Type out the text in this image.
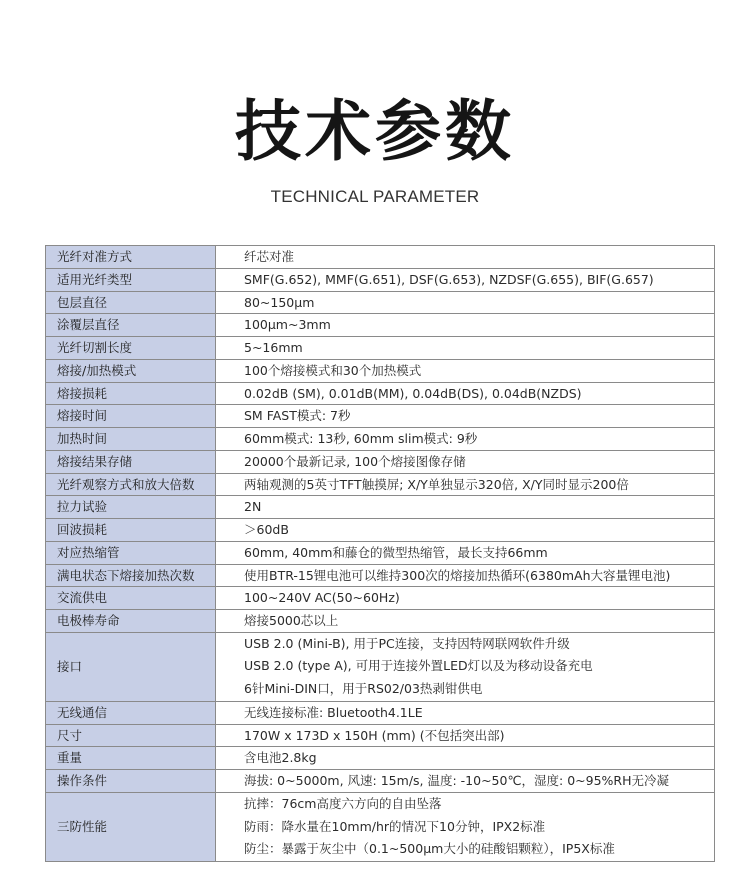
技术参数
TECHNICAL PARAMETER
光纤对准方式	纤芯对准
适用光纤类型	SMF(G.652), MMF(G.651), DSF(G.653), NZDSF(G.655), BIF(G.657)
包层直径	80~150μm
涂覆层直径	100μm~3mm
光纤切割长度	5~16mm
熔接/加热模式	100个熔接模式和30个加热模式
熔接损耗	0.02dB (SM), 0.01dB(MM), 0.04dB(DS), 0.04dB(NZDS)
熔接时间	SM FAST模式: 7秒
加热时间	60mm模式: 13秒, 60mm slim模式: 9秒
熔接结果存储	20000个最新记录, 100个熔接图像存储
光纤观察方式和放大倍数	两轴观测的5英寸TFT触摸屏; X/Y单独显示320倍, X/Y同时显示200倍
拉力试验	2N
回波损耗	＞60dB
对应热缩管	60mm, 40mm和藤仓的微型热缩管，最长支持66mm
满电状态下熔接加热次数	使用BTR-15锂电池可以维持300次的熔接加热循环(6380mAh大容量锂电池)
交流供电	100~240V AC(50~60Hz)
电极棒寿命	熔接5000芯以上
接口	USB 2.0 (Mini-B), 用于PC连接，支持因特网联网软件升级
USB 2.0 (type A), 可用于连接外置LED灯以及为移动设备充电
6针Mini-DIN口，用于RS02/03热剥钳供电

无线通信	无线连接标准: Bluetooth4.1LE
尺寸	170W x 173D x 150H (mm) (不包括突出部)
重量	含电池2.8kg
操作条件	海拔: 0~5000m, 风速: 15m/s, 温度: -10~50℃，湿度: 0~95%RH无冷凝
三防性能	抗摔：76cm高度六方向的自由坠落
防雨：降水量在10mm/hr的情况下10分钟，IPX2标准
防尘：暴露于灰尘中（0.1~500μm大小的硅酸铝颗粒），IP5X标准
